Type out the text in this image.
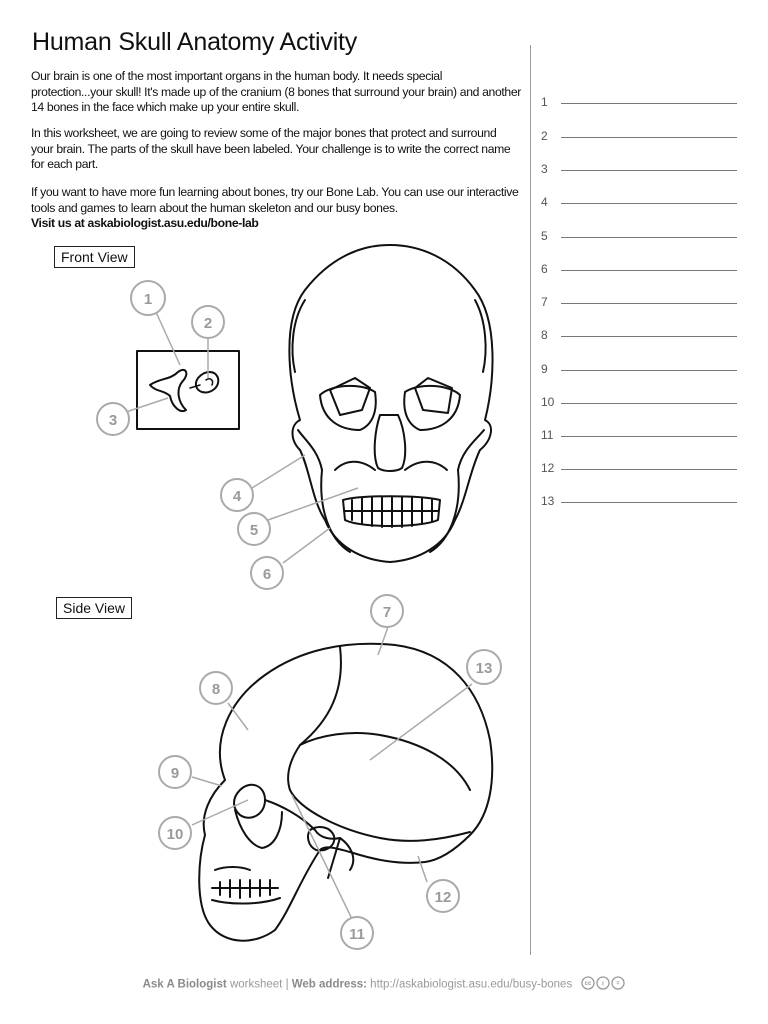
Human Skull Anatomy Activity

Our brain is one of the most important organs in the human body. It needs special protection...your skull! It's made up of the cranium (8 bones that surround your brain) and another 14 bones in the face which make up your entire skull.

In this worksheet, we are going to review some of the major bones that protect and surround your brain. The parts of the skull have been labeled. Your challenge is to write the correct name for each part.

If you want to have more fun learning about bones, try our Bone Lab. You can use our interactive tools and games to learn about the human skeleton and our busy bones.
Visit us at askabiologist.asu.edu/bone-lab

Front View
Side View
1
2
3
4
5
6
7
8
9
10
11
12
13
1
2
3
4
5
6
7
8
9
10
11
12
13
Ask A Biologist worksheet | Web address: http://askabiologist.asu.edu/busy-bones cc i =
